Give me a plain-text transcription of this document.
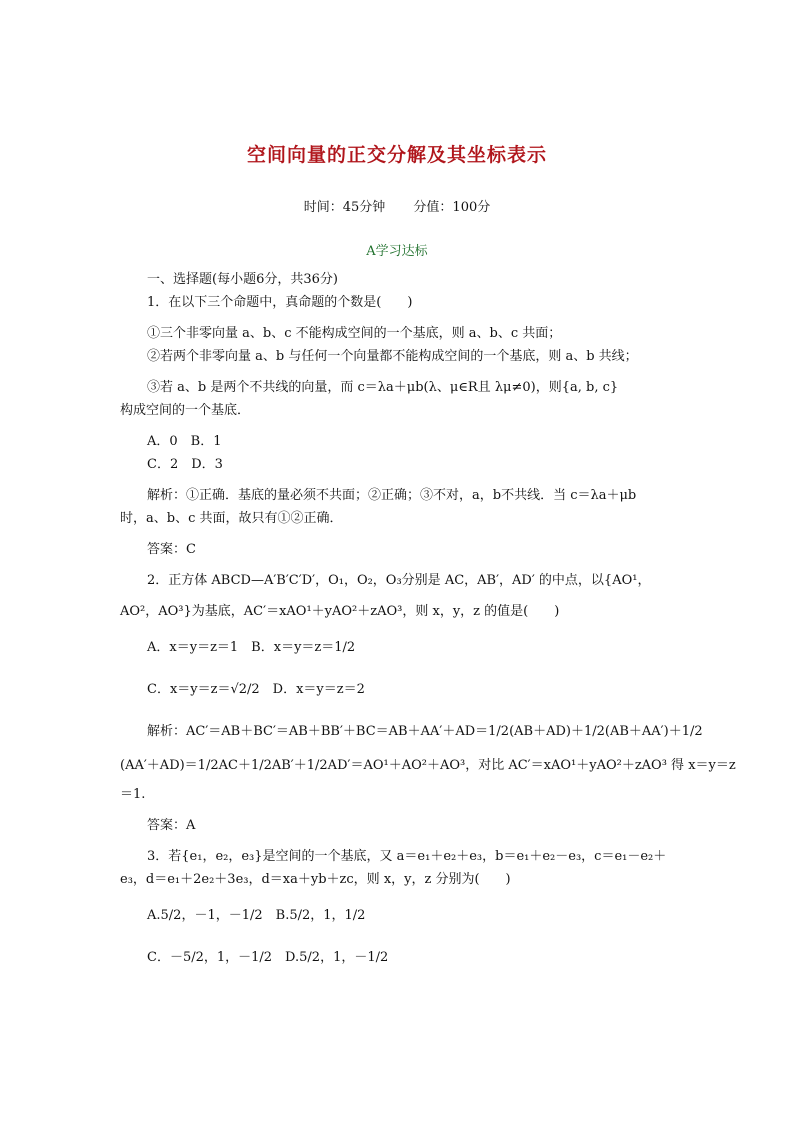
空间向量的正交分解及其坐标表示
时间：45分钟 分值：100分
A学习达标
一、选择题(每小题6分，共36分)
1．在以下三个命题中，真命题的个数是(　　)
①三个非零向量 a、b、c 不能构成空间的一个基底，则 a、b、c 共面；
②若两个非零向量 a、b 与任何一个向量都不能构成空间的一个基底，则 a、b 共线；
③若 a、b 是两个不共线的向量，而 c＝λa＋μb(λ、μ∈R且 λμ≠0)，则{a, b, c}
构成空间的一个基底．
A．0　B．1
C．2　D．3
解析：①正确．基底的量必须不共面；②正确；③不对，a，b不共线．当 c＝λa＋μb
时，a、b、c 共面，故只有①②正确．
答案：C
2．正方体 ABCD—A′B′C′D′，O₁，O₂，O₃分别是 AC，AB′，AD′ 的中点，以{AO¹，
AO²，AO³}为基底，AC′＝xAO¹＋yAO²＋zAO³，则 x，y，z 的值是(　　)
A．x＝y＝z＝1　B．x＝y＝z＝1/2
C．x＝y＝z＝√2/2　D．x＝y＝z＝2
解析：AC′＝AB＋BC′＝AB＋BB′＋BC＝AB＋AA′＋AD＝1/2(AB＋AD)＋1/2(AB＋AA′)＋1/2
(AA′＋AD)＝1/2AC＋1/2AB′＋1/2AD′＝AO¹＋AO²＋AO³，对比 AC′＝xAO¹＋yAO²＋zAO³ 得 x＝y＝z
＝1.
答案：A
3．若{e₁，e₂，e₃}是空间的一个基底，又 a＝e₁＋e₂＋e₃，b＝e₁＋e₂－e₃，c＝e₁－e₂＋
e₃，d＝e₁＋2e₂＋3e₃，d＝xa＋yb＋zc，则 x，y，z 分别为(　　)
A.5/2，－1，－1/2　B.5/2，1，1/2
C．－5/2，1，－1/2　D.5/2，1，－1/2
